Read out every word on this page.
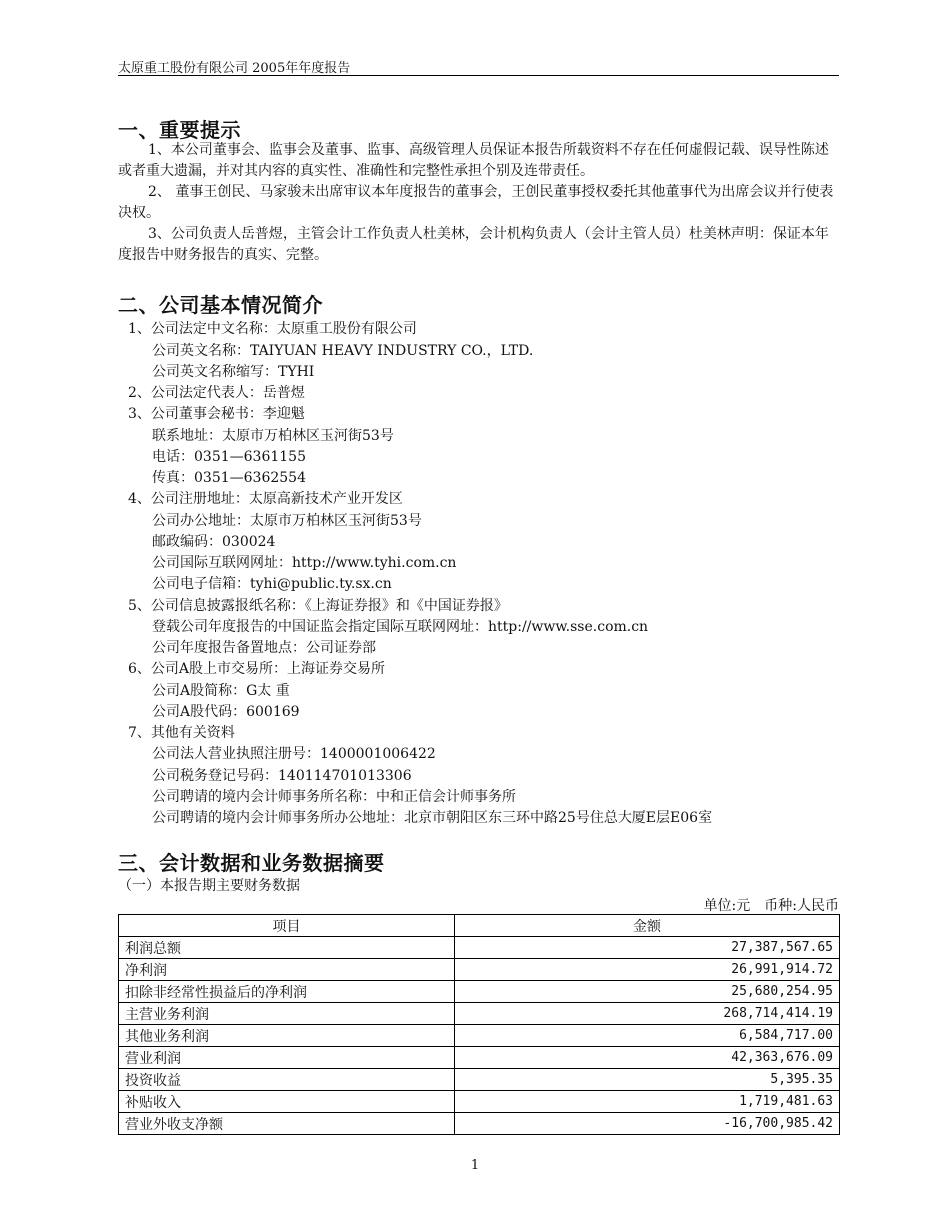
太原重工股份有限公司 2005年年度报告
一、重要提示
1、本公司董事会、监事会及董事、监事、高级管理人员保证本报告所载资料不存在任何虚假记载、误导性陈述或者重大遗漏，并对其内容的真实性、准确性和完整性承担个别及连带责任。
2、 董事王创民、马家骏未出席审议本年度报告的董事会，王创民董事授权委托其他董事代为出席会议并行使表决权。
3、公司负责人岳普煜，主管会计工作负责人杜美林，会计机构负责人（会计主管人员）杜美林声明：保证本年度报告中财务报告的真实、完整。
二、公司基本情况简介
1、公司法定中文名称：太原重工股份有限公司
公司英文名称：TAIYUAN HEAVY INDUSTRY CO.，LTD.
公司英文名称缩写：TYHI
2、公司法定代表人：岳普煜
3、公司董事会秘书：李迎魁
联系地址：太原市万柏林区玉河街53号
电话：0351—6361155
传真：0351—6362554
4、公司注册地址：太原高新技术产业开发区
公司办公地址：太原市万柏林区玉河街53号
邮政编码：030024
公司国际互联网网址：http://www.tyhi.com.cn
公司电子信箱：tyhi@public.ty.sx.cn
5、公司信息披露报纸名称：《上海证券报》和《中国证券报》
登载公司年度报告的中国证监会指定国际互联网网址：http://www.sse.com.cn
公司年度报告备置地点：公司证券部
6、公司A股上市交易所：上海证券交易所
公司A股简称：G太 重
公司A股代码：600169
7、其他有关资料
公司法人营业执照注册号：1400001006422
公司税务登记号码：140114701013306
公司聘请的境内会计师事务所名称：中和正信会计师事务所
公司聘请的境内会计师事务所办公地址：北京市朝阳区东三环中路25号住总大厦E层E06室
三、会计数据和业务数据摘要
（一）本报告期主要财务数据
单位:元　币种:人民币
项目	金额
利润总额	27,387,567.65
净利润	26,991,914.72
扣除非经常性损益后的净利润	25,680,254.95
主营业务利润	268,714,414.19
其他业务利润	6,584,717.00
营业利润	42,363,676.09
投资收益	5,395.35
补贴收入	1,719,481.63
营业外收支净额	-16,700,985.42
1
